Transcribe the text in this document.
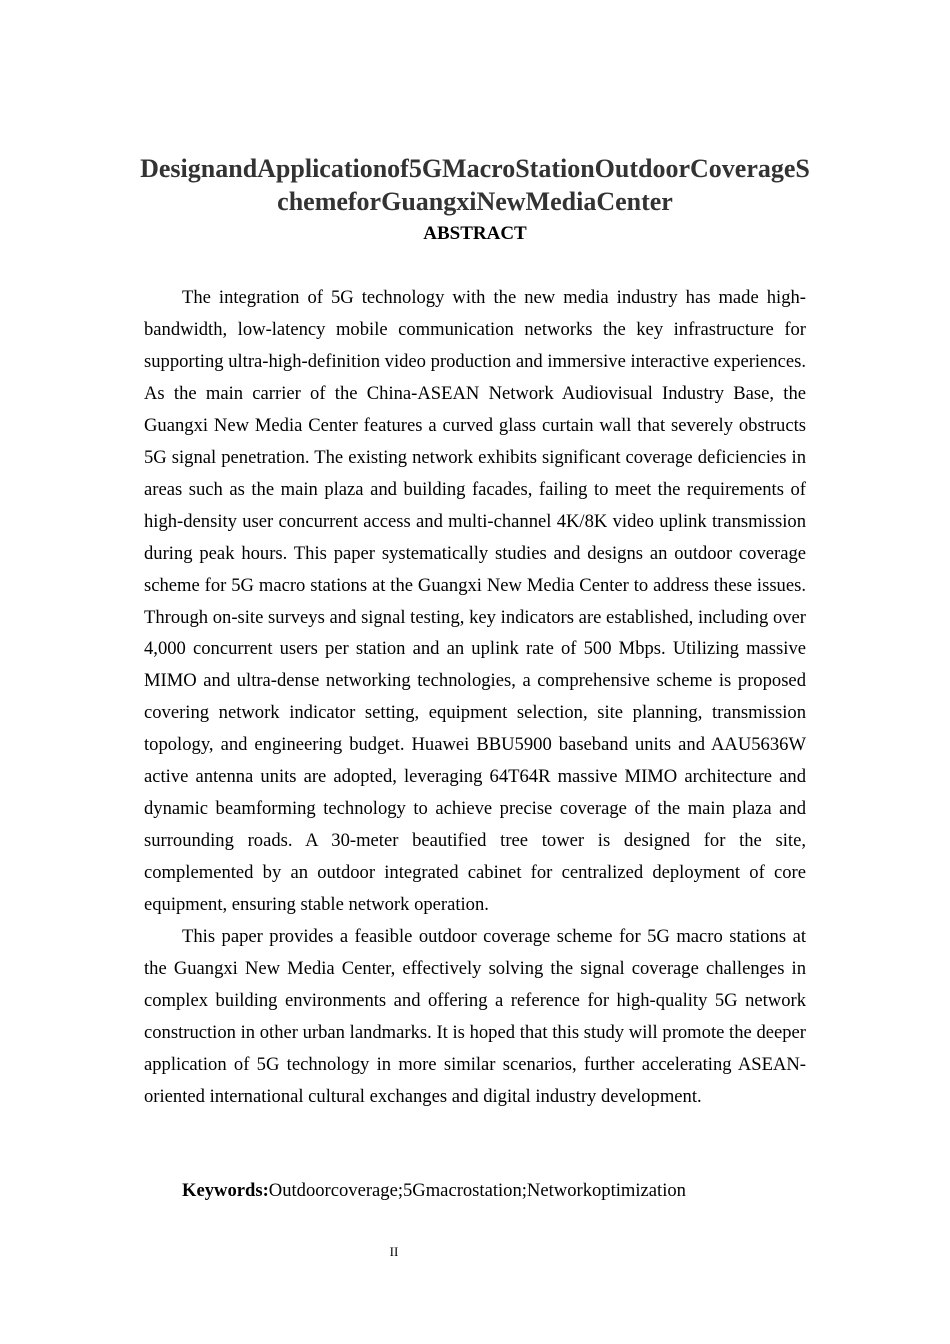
DesignandApplicationof5GMacroStationOutdoorCoverageSchemeforGuangxiNewMediaCenter
ABSTRACT

The integration of 5G technology with the new media industry has made high-bandwidth, low-latency mobile communication networks the key infrastructure for supporting ultra-high-definition video production and immersive interactive experiences. As the main carrier of the China-ASEAN Network Audiovisual Industry Base, the Guangxi New Media Center features a curved glass curtain wall that severely obstructs 5G signal penetration. The existing network exhibits significant coverage deficiencies in areas such as the main plaza and building facades, failing to meet the requirements of high-density user concurrent access and multi-channel 4K/8K video uplink transmission during peak hours. This paper systematically studies and designs an outdoor coverage scheme for 5G macro stations at the Guangxi New Media Center to address these issues. Through on-site surveys and signal testing, key indicators are established, including over 4,000 concurrent users per station and an uplink rate of 500 Mbps. Utilizing massive MIMO and ultra-dense networking technologies, a comprehensive scheme is proposed covering network indicator setting, equipment selection, site planning, transmission topology, and engineering budget. Huawei BBU5900 baseband units and AAU5636W active antenna units are adopted, leveraging 64T64R massive MIMO architecture and dynamic beamforming technology to achieve precise coverage of the main plaza and surrounding roads. A 30-meter beautified tree tower is designed for the site, complemented by an outdoor integrated cabinet for centralized deployment of core equipment, ensuring stable network operation.

This paper provides a feasible outdoor coverage scheme for 5G macro stations at the Guangxi New Media Center, effectively solving the signal coverage challenges in complex building environments and offering a reference for high-quality 5G network construction in other urban landmarks. It is hoped that this study will promote the deeper application of 5G technology in more similar scenarios, further accelerating ASEAN-oriented international cultural exchanges and digital industry development.

Keywords:Outdoorcoverage;5Gmacrostation;Networkoptimization
II
